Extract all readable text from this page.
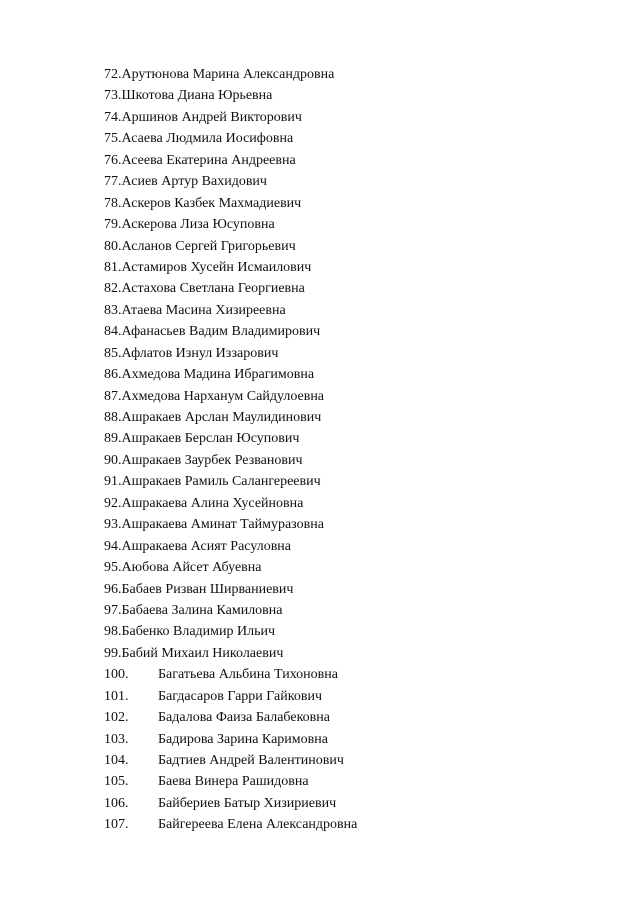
72. Арутюнова Марина Александровна
73. Шкотова Диана Юрьевна
74. Аршинов Андрей Викторович
75. Асаева Людмила Иосифовна
76. Асеева Екатерина Андреевна
77. Асиев Артур Вахидович
78. Аскеров Казбек Махмадиевич
79. Аскерова Лиза Юсуповна
80. Асланов Сергей Григорьевич
81. Астамиров Хусейн Исмаилович
82. Астахова Светлана Георгиевна
83. Атаева Масина Хизиреевна
84. Афанасьев Вадим Владимирович
85. Афлатов Изнул Иззарович
86. Ахмедова Мадина Ибрагимовна
87. Ахмедова Нарханум Сайдулоевна
88. Ашракаев Арслан Маулидинович
89. Ашракаев Берслан Юсупович
90. Ашракаев Заурбек Резванович
91. Ашракаев Рамиль Салангереевич
92. Ашракаева Алина Хусейновна
93. Ашракаева Аминат Таймуразовна
94. Ашракаева Асият Расуловна
95. Аюбова Айсет Абуевна
96. Бабаев Ризван Ширваниевич
97. Бабаева Залина Камиловна
98. Бабенко Владимир Ильич
99. Бабий Михаил Николаевич
100.	Багатьева Альбина Тихоновна
101.	Багдасаров Гарри Гайкович
102.	Бадалова Фаиза Балабековна
103.	Бадирова Зарина Каримовна
104.	Бадтиев Андрей Валентинович
105.	Баева Винера Рашидовна
106.	Байбериев Батыр Хизириевич
107.	Байгереева Елена Александровна
